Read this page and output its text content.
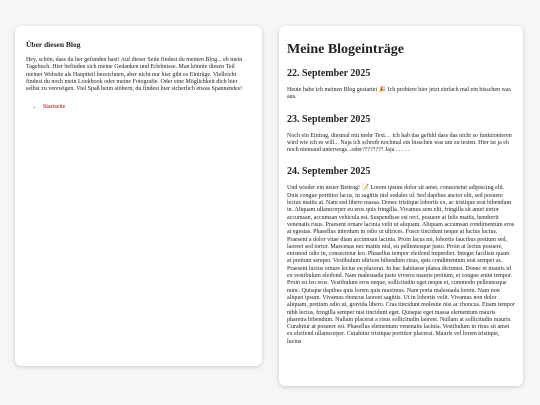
Über diesen Blog

Hey, schön, dass du her gefunden hast! Auf dieser Seite findest du meinen Blog... eh mein Tagebuch. Hier befinden sich meine Gedanken und Erlebnisse. Man könnte diesen Teil meiner Website als Hauptteil bezeichnen, aber nicht nur hier gibt es Einträge. Vielleicht findest du noch mein Lookbook oder meine Fotografie. Oder eine Möglichkeit dich hier selbst zu verewigen. Viel Spaß beim stöbern, du findest hier sicherlich etwas Spannendes!

• Startseite
Meine Blogeinträge
22. September 2025

Heute habe ich meinen Blog gestartet 🎉 Ich probiere hier jetzt einfach mal ein bisschen was aus.

23. September 2025

Noch ein Eintrag, diesmal mit mehr Text… ich hab das gefühl dass das nicht so funktionieren wird wie ich es will... Naja ich schreib nochmal ein bisschen was um zu testen. Hier ist ja eh noch niemand unterwegs...oder???????? Jaja . . . . .

24. September 2025

Und wieder ein neuer Beitrag! 📝 Lorem ipsum dolor sit amet, consectetur adipiscing elit. Duis congue porttitor lacus, in sagittis nisl sodales id. Sed dapibus auctor elit, sed posuere lectus mattis at. Nam sed libero massa. Donec tristique lobortis ex, ac tristique erat bibendum in. Aliquam ullamcorper eu eros quis fringilla. Vivamus sem elit, fringilla sit amet tortor accumsan, accumsan vehicula est. Suspendisse est orci, posuere at felis mattis, hendrerit venenatis risus. Praesent ornare lacinia velit ut aliquam. Aliquam accumsan condimentum eros at egestas. Phasellus interdum in odio ut ultrices. Fusce tincidunt neque at luctus luctus. Praesent a dolor vitae diam accumsan lacinia. Proin lacus mi, lobortis faucibus pretium sed, laoreet sed tortor. Maecenas nec mattis nisl, eu pellentesque justo. Proin at lectus posuere, euismod odio in, consectetur leo. Phasellus tempor eleifend imperdiet. Integer facilisis quam at pretium semper. Vestibulum ultrices bibendum risus, quis condimentum erat semper ac. Praesent luctus ornare lectus eu placerat. In hac habitasse platea dictumst. Donec et mauris id ex vestibulum eleifend. Nam malesuada justo viverra mauris pretium, et congue enim tempor. Proin eu leo eros. Vestibulum eros neque, sollicitudin eget neque et, commodo pellentesque nunc. Quisque dapibus quis lorem quis maximus. Nam porta malesuada lorem. Nam non aliquet ipsum. Vivamus rhoncus laoreet sagittis. Ut in lobortis velit. Vivamus non dolor aliquam, pretium odio ut, gravida libero. Cras tincidunt molestie nisi ac rhoncus. Etiam tempor nibh lectus, fringilla semper nisi tincidunt eget. Quisque eget massa elementum mauris pharetra bibendum. Nullam placerat a risus sollicitudin laoreet. Nullam at sollicitudin mauris. Curabitur at posuere est. Phasellus elementum venenatis lacinia. Vestibulum in risus sit amet ex eleifend ullamcorper. Curabitur tristique porttitor placerat. Mauris vel lorem tristique, luctus
